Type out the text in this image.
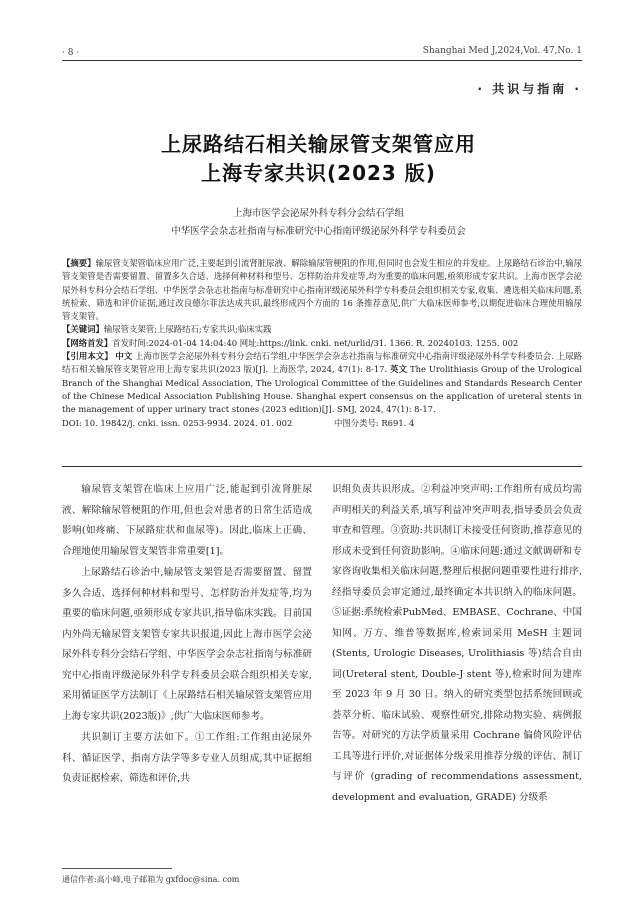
· 8 ·	Shanghai Med J,2024,Vol. 47,No. 1
· 共识与指南 ·
上尿路结石相关输尿管支架管应用
上海专家共识(2023 版)
上海市医学会泌尿外科专科分会结石学组
中华医学会杂志社指南与标准研究中心指南评级泌尿外科学专科委员会
【摘要】输尿管支架管临床应用广泛,主要起到引流肾脏尿液、解除输尿管梗阻的作用,但同时也会发生相应的并发症。上尿路结石诊治中,输尿管支架管是否需要留置、留置多久合适、选择何种材料和型号、怎样防治并发症等,均为重要的临床问题,亟须形成专家共识。上海市医学会泌尿外科专科分会结石学组、中华医学会杂志社指南与标准研究中心指南评级泌尿外科学专科委员会组织相关专家,收集、遴选相关临床问题,系统检索、筛选和评价证据,通过改良德尔菲法达成共识,最终形成四个方面的 16 条推荐意见,供广大临床医师参考,以期促进临床合理使用输尿管支架管。
【关键词】输尿管支架管;上尿路结石;专家共识;临床实践
【网络首发】首发时间:2024-01-04 14:04:40 网址:https://link. cnki. net/urlid/31. 1366. R. 20240103. 1255. 002
【引用本文】 中文 上海市医学会泌尿外科专科分会结石学组,中华医学会杂志社指南与标准研究中心指南评级泌尿外科学专科委员会. 上尿路结石相关输尿管支架管应用上海专家共识(2023 版)[J]. 上海医学, 2024, 47(1): 8-17. 英文 The Urolithiasis Group of the Urological Branch of the Shanghai Medical Association, The Urological Committee of the Guidelines and Standards Research Center of the Chinese Medical Association Publishing House. Shanghai expert consensus on the application of ureteral stents in the management of upper urinary tract stones (2023 edition)[J]. SMJ, 2024, 47(1): 8-17.
DOI: 10. 19842/j. cnki. issn. 0253-9934. 2024. 01. 002	中图分类号: R691. 4

输尿管支架管在临床上应用广泛,能起到引流肾脏尿液、解除输尿管梗阻的作用,但也会对患者的日常生活造成影响(如疼痛、下尿路症状和血尿等)。因此,临床上正确、合理地使用输尿管支架管非常重要[1]。

上尿路结石诊治中,输尿管支架管是否需要留置、留置多久合适、选择何种材料和型号、怎样防治并发症等,均为重要的临床问题,亟须形成专家共识,指导临床实践。目前国内外尚无输尿管支架管专家共识报道,因此上海市医学会泌尿外科专科分会结石学组、中华医学会杂志社指南与标准研究中心指南评级泌尿外科学专科委员会联合组织相关专家,采用循证医学方法制订《上尿路结石相关输尿管支架管应用上海专家共识(2023版)》,供广大临床医师参考。

共识制订主要方法如下。①工作组:工作组由泌尿外科、循证医学、指南方法学等多专业人员组成,其中证据组负责证据检索、筛选和评价,共

识组负责共识形成。②利益冲突声明:工作组所有成员均需声明相关的利益关系,填写利益冲突声明表,指导委员会负责审查和管理。③资助:共识制订未接受任何资助,推荐意见的形成未受到任何资助影响。④临床问题:通过文献调研和专家咨询收集相关临床问题,整理后根据问题重要性进行排序,经指导委员会审定通过,最终确定本共识纳入的临床问题。⑤证据:系统检索PubMed、EMBASE、Cochrane、中国知网、万方、维普等数据库,检索词采用 MeSH 主题词(Stents, Urologic Diseases, Urolithiasis 等)结合自由词(Ureteral stent, Double-J stent 等),检索时间为建库至 2023 年 9 月 30 日。纳入的研究类型包括系统回顾或荟萃分析、临床试验、观察性研究,排除动物实验、病例报告等。对研究的方法学质量采用 Cochrane 偏倚风险评估工具等进行评价,对证据体分级采用推荐分级的评估、制订与评价 (grading of recommendations assessment, development and evaluation, GRADE) 分级系

通信作者:高小峰,电子邮箱为 gxfdoc@sina. com
